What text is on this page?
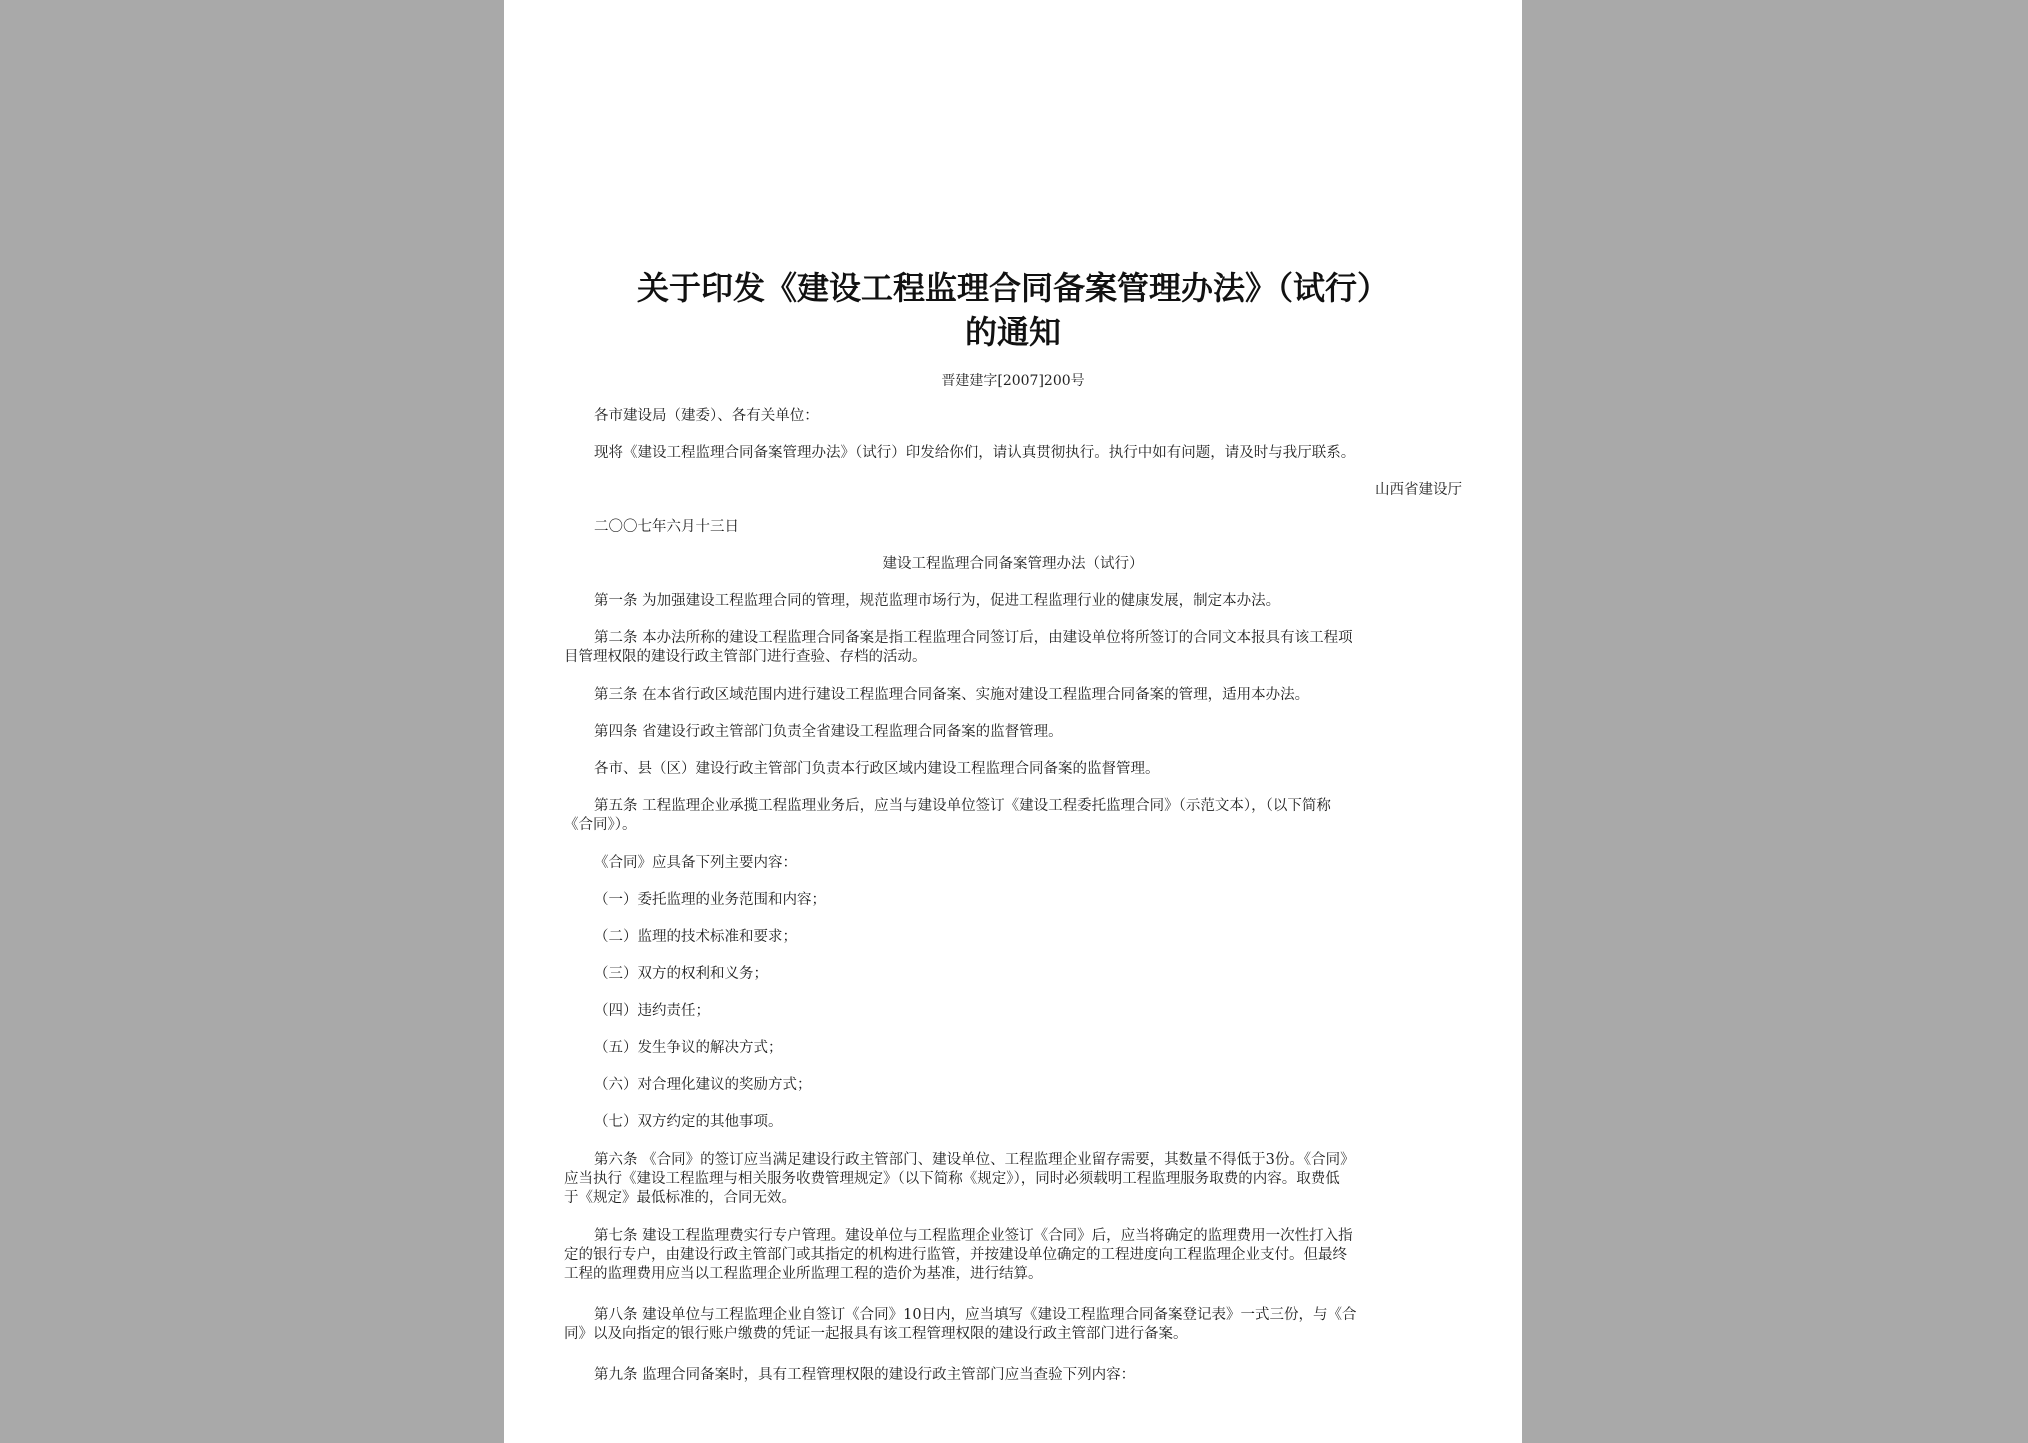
关于印发《建设工程监理合同备案管理办法》（试行）
的通知
晋建建字[2007]200号
各市建设局（建委）、各有关单位：
现将《建设工程监理合同备案管理办法》（试行）印发给你们，请认真贯彻执行。执行中如有问题，请及时与我厅联系。
山西省建设厅
二〇〇七年六月十三日
建设工程监理合同备案管理办法（试行）
第一条 为加强建设工程监理合同的管理，规范监理市场行为，促进工程监理行业的健康发展，制定本办法。
第二条 本办法所称的建设工程监理合同备案是指工程监理合同签订后，由建设单位将所签订的合同文本报具有该工程项
目管理权限的建设行政主管部门进行查验、存档的活动。
第三条 在本省行政区域范围内进行建设工程监理合同备案、实施对建设工程监理合同备案的管理，适用本办法。
第四条 省建设行政主管部门负责全省建设工程监理合同备案的监督管理。
各市、县（区）建设行政主管部门负责本行政区域内建设工程监理合同备案的监督管理。
第五条 工程监理企业承揽工程监理业务后，应当与建设单位签订《建设工程委托监理合同》（示范文本），（以下简称
《合同》）。
《合同》应具备下列主要内容：
（一）委托监理的业务范围和内容；
（二）监理的技术标准和要求；
（三）双方的权利和义务；
（四）违约责任；
（五）发生争议的解决方式；
（六）对合理化建议的奖励方式；
（七）双方约定的其他事项。
第六条 《合同》的签订应当满足建设行政主管部门、建设单位、工程监理企业留存需要，其数量不得低于3份。《合同》
应当执行《建设工程监理与相关服务收费管理规定》（以下简称《规定》），同时必须载明工程监理服务取费的内容。取费低
于《规定》最低标准的，合同无效。
第七条 建设工程监理费实行专户管理。建设单位与工程监理企业签订《合同》后，应当将确定的监理费用一次性打入指
定的银行专户，由建设行政主管部门或其指定的机构进行监管，并按建设单位确定的工程进度向工程监理企业支付。但最终
工程的监理费用应当以工程监理企业所监理工程的造价为基准，进行结算。
第八条 建设单位与工程监理企业自签订《合同》10日内，应当填写《建设工程监理合同备案登记表》一式三份，与《合
同》以及向指定的银行账户缴费的凭证一起报具有该工程管理权限的建设行政主管部门进行备案。
第九条 监理合同备案时，具有工程管理权限的建设行政主管部门应当查验下列内容：
